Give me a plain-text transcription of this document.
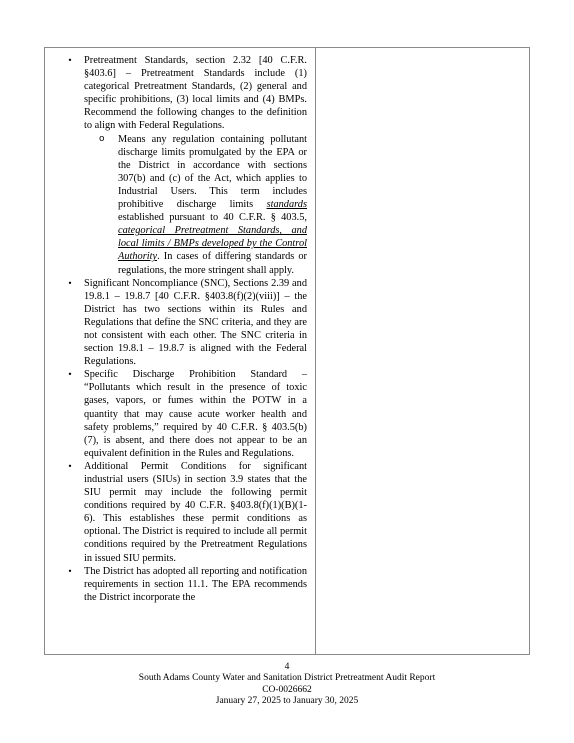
• Pretreatment Standards, section 2.32 [40 C.F.R. §403.6] – Pretreatment Standards include (1) categorical Pretreatment Standards, (2) general and specific prohibitions, (3) local limits and (4) BMPs. Recommend the following changes to the definition to align with Federal Regulations.
o Means any regulation containing pollutant discharge limits promulgated by the EPA or the District in accordance with sections 307(b) and (c) of the Act, which applies to Industrial Users. This term includes prohibitive discharge limits standards established pursuant to 40 C.F.R. § 403.5, categorical Pretreatment Standards, and local limits / BMPs developed by the Control Authority. In cases of differing standards or regulations, the more stringent shall apply.
• Significant Noncompliance (SNC), Sections 2.39 and 19.8.1 – 19.8.7 [40 C.F.R. §403.8(f)(2)(viii)] – the District has two sections within its Rules and Regulations that define the SNC criteria, and they are not consistent with each other. The SNC criteria in section 19.8.1 – 19.8.7 is aligned with the Federal Regulations.
• Specific Discharge Prohibition Standard – “Pollutants which result in the presence of toxic gases, vapors, or fumes within the POTW in a quantity that may cause acute worker health and safety problems,” required by 40 C.F.R. § 403.5(b)(7), is absent, and there does not appear to be an equivalent definition in the Rules and Regulations.
• Additional Permit Conditions for significant industrial users (SIUs) in section 3.9 states that the SIU permit may include the following permit conditions required by 40 C.F.R. §403.8(f)(1)(B)(1-6). This establishes these permit conditions as optional. The District is required to include all permit conditions required by the Pretreatment Regulations in issued SIU permits.
• The District has adopted all reporting and notification requirements in section 11.1. The EPA recommends the District incorporate the
4
South Adams County Water and Sanitation District Pretreatment Audit Report
CO-0026662
January 27, 2025 to January 30, 2025
